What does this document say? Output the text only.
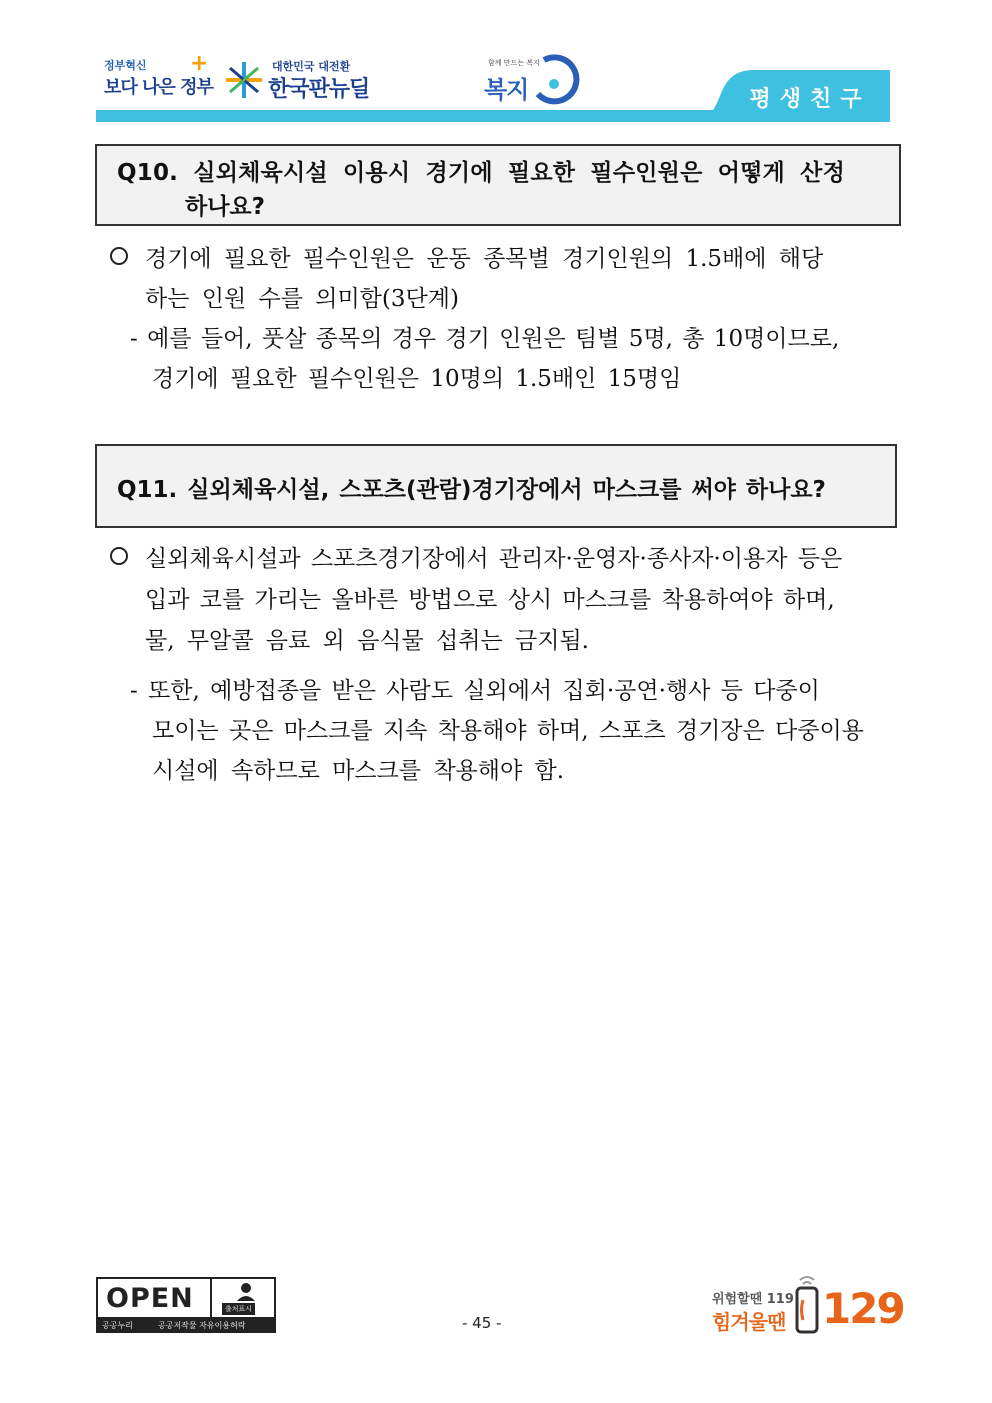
정부혁신
보다 나은 정부
+	대한민국 대전환
한국판뉴딜
함께 만드는 복지
복지	평생친구
Q10. 실외체육시설 이용시 경기에 필요한 필수인원은 어떻게 산정
하나요?
경기에 필요한 필수인원은 운동 종목별 경기인원의 1.5배에 해당
하는 인원 수를 의미함(3단계)
- 예를 들어, 풋살 종목의 경우 경기 인원은 팀별 5명, 총 10명이므로,
경기에 필요한 필수인원은 10명의 1.5배인 15명임
Q11. 실외체육시설, 스포츠(관람)경기장에서 마스크를 써야 하나요?
실외체육시설과 스포츠경기장에서 관리자·운영자·종사자·이용자 등은
입과 코를 가리는 올바른 방법으로 상시 마스크를 착용하여야 하며,
물, 무알콜 음료 외 음식물 섭취는 금지됨.
- 또한, 예방접종을 받은 사람도 실외에서 집회·공연·행사 등 다중이
모이는 곳은 마스크를 지속 착용해야 하며, 스포츠 경기장은 다중이용
시설에 속하므로 마스크를 착용해야 함.
OPEN	출처표시
공공누리	공공저작물 자유이용허락	- 45 -
위험할땐 119
힘겨울땐 129
